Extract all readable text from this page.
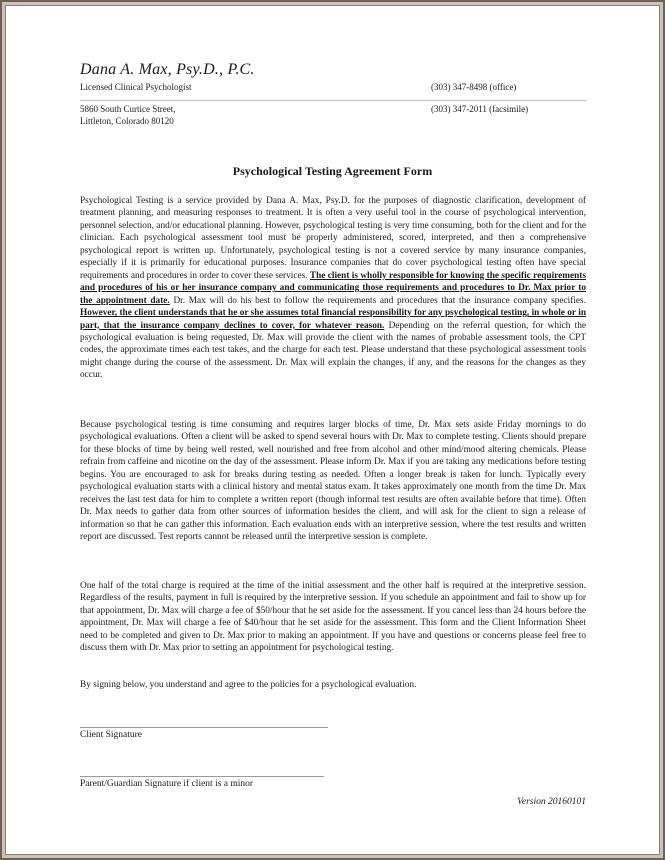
Dana A. Max, Psy.D., P.C.
Licensed Clinical Psychologist	(303) 347-8498 (office)
5860 South Curtice Street,	(303) 347-2011 (facsimile)
Littleton, Colorado 80120
Psychological Testing Agreement Form
Psychological Testing is a service provided by Dana A. Max, Psy.D. for the purposes of diagnostic clarification, development of treatment planning, and measuring responses to treatment. It is often a very useful tool in the course of psychological intervention, personnel selection, and/or educational planning. However, psychological testing is very time consuming, both for the client and for the clinician. Each psychological assessment tool must be properly administered, scored, interpreted, and then a comprehensive psychological report is written up. Unfortunately, psychological testing is not a covered service by many insurance companies, especially if it is primarily for educational purposes. Insurance companies that do cover psychological testing often have special requirements and procedures in order to cover these services. The client is wholly responsible for knowing the specific requirements and procedures of his or her insurance company and communicating those requirements and procedures to Dr. Max prior to the appointment date. Dr. Max will do his best to follow the requirements and procedures that the insurance company specifies. However, the client understands that he or she assumes total financial responsibility for any psychological testing, in whole or in part, that the insurance company declines to cover, for whatever reason. Depending on the referral question, for which the psychological evaluation is being requested, Dr. Max will provide the client with the names of probable assessment tools, the CPT codes, the approximate times each test takes, and the charge for each test. Please understand that these psychological assessment tools might change during the course of the assessment. Dr. Max will explain the changes, if any, and the reasons for the changes as they occur.
Because psychological testing is time consuming and requires larger blocks of time, Dr. Max sets aside Friday mornings to do psychological evaluations. Often a client will be asked to spend several hours with Dr. Max to complete testing. Clients should prepare for these blocks of time by being well rested, well nourished and free from alcohol and other mind/mood altering chemicals. Please refrain from caffeine and nicotine on the day of the assessment. Please inform Dr. Max if you are taking any medications before testing begins. You are encouraged to ask for breaks during testing as needed. Often a longer break is taken for lunch. Typically every psychological evaluation starts with a clinical history and mental status exam. It takes approximately one month from the time Dr. Max receives the last test data for him to complete a written report (though informal test results are often available before that time). Often Dr. Max needs to gather data from other sources of information besides the client, and will ask for the client to sign a release of information so that he can gather this information. Each evaluation ends with an interpretive session, where the test results and written report are discussed. Test reports cannot be released until the interpretive session is complete.
One half of the total charge is required at the time of the initial assessment and the other half is required at the interpretive session. Regardless of the results, payment in full is required by the interpretive session. If you schedule an appointment and fail to show up for that appointment, Dr. Max will charge a fee of $50/hour that he set aside for the assessment. If you cancel less than 24 hours before the appointment, Dr. Max will charge a fee of $40/hour that he set aside for the assessment. This form and the Client Information Sheet need to be completed and given to Dr. Max prior to making an appointment. If you have and questions or concerns please feel free to discuss them with Dr. Max prior to setting an appointment for psychological testing.
By signing below, you understand and agree to the policies for a psychological evaluation.
Client Signature
Parent/Guardian Signature if client is a minor
Version 20160101
